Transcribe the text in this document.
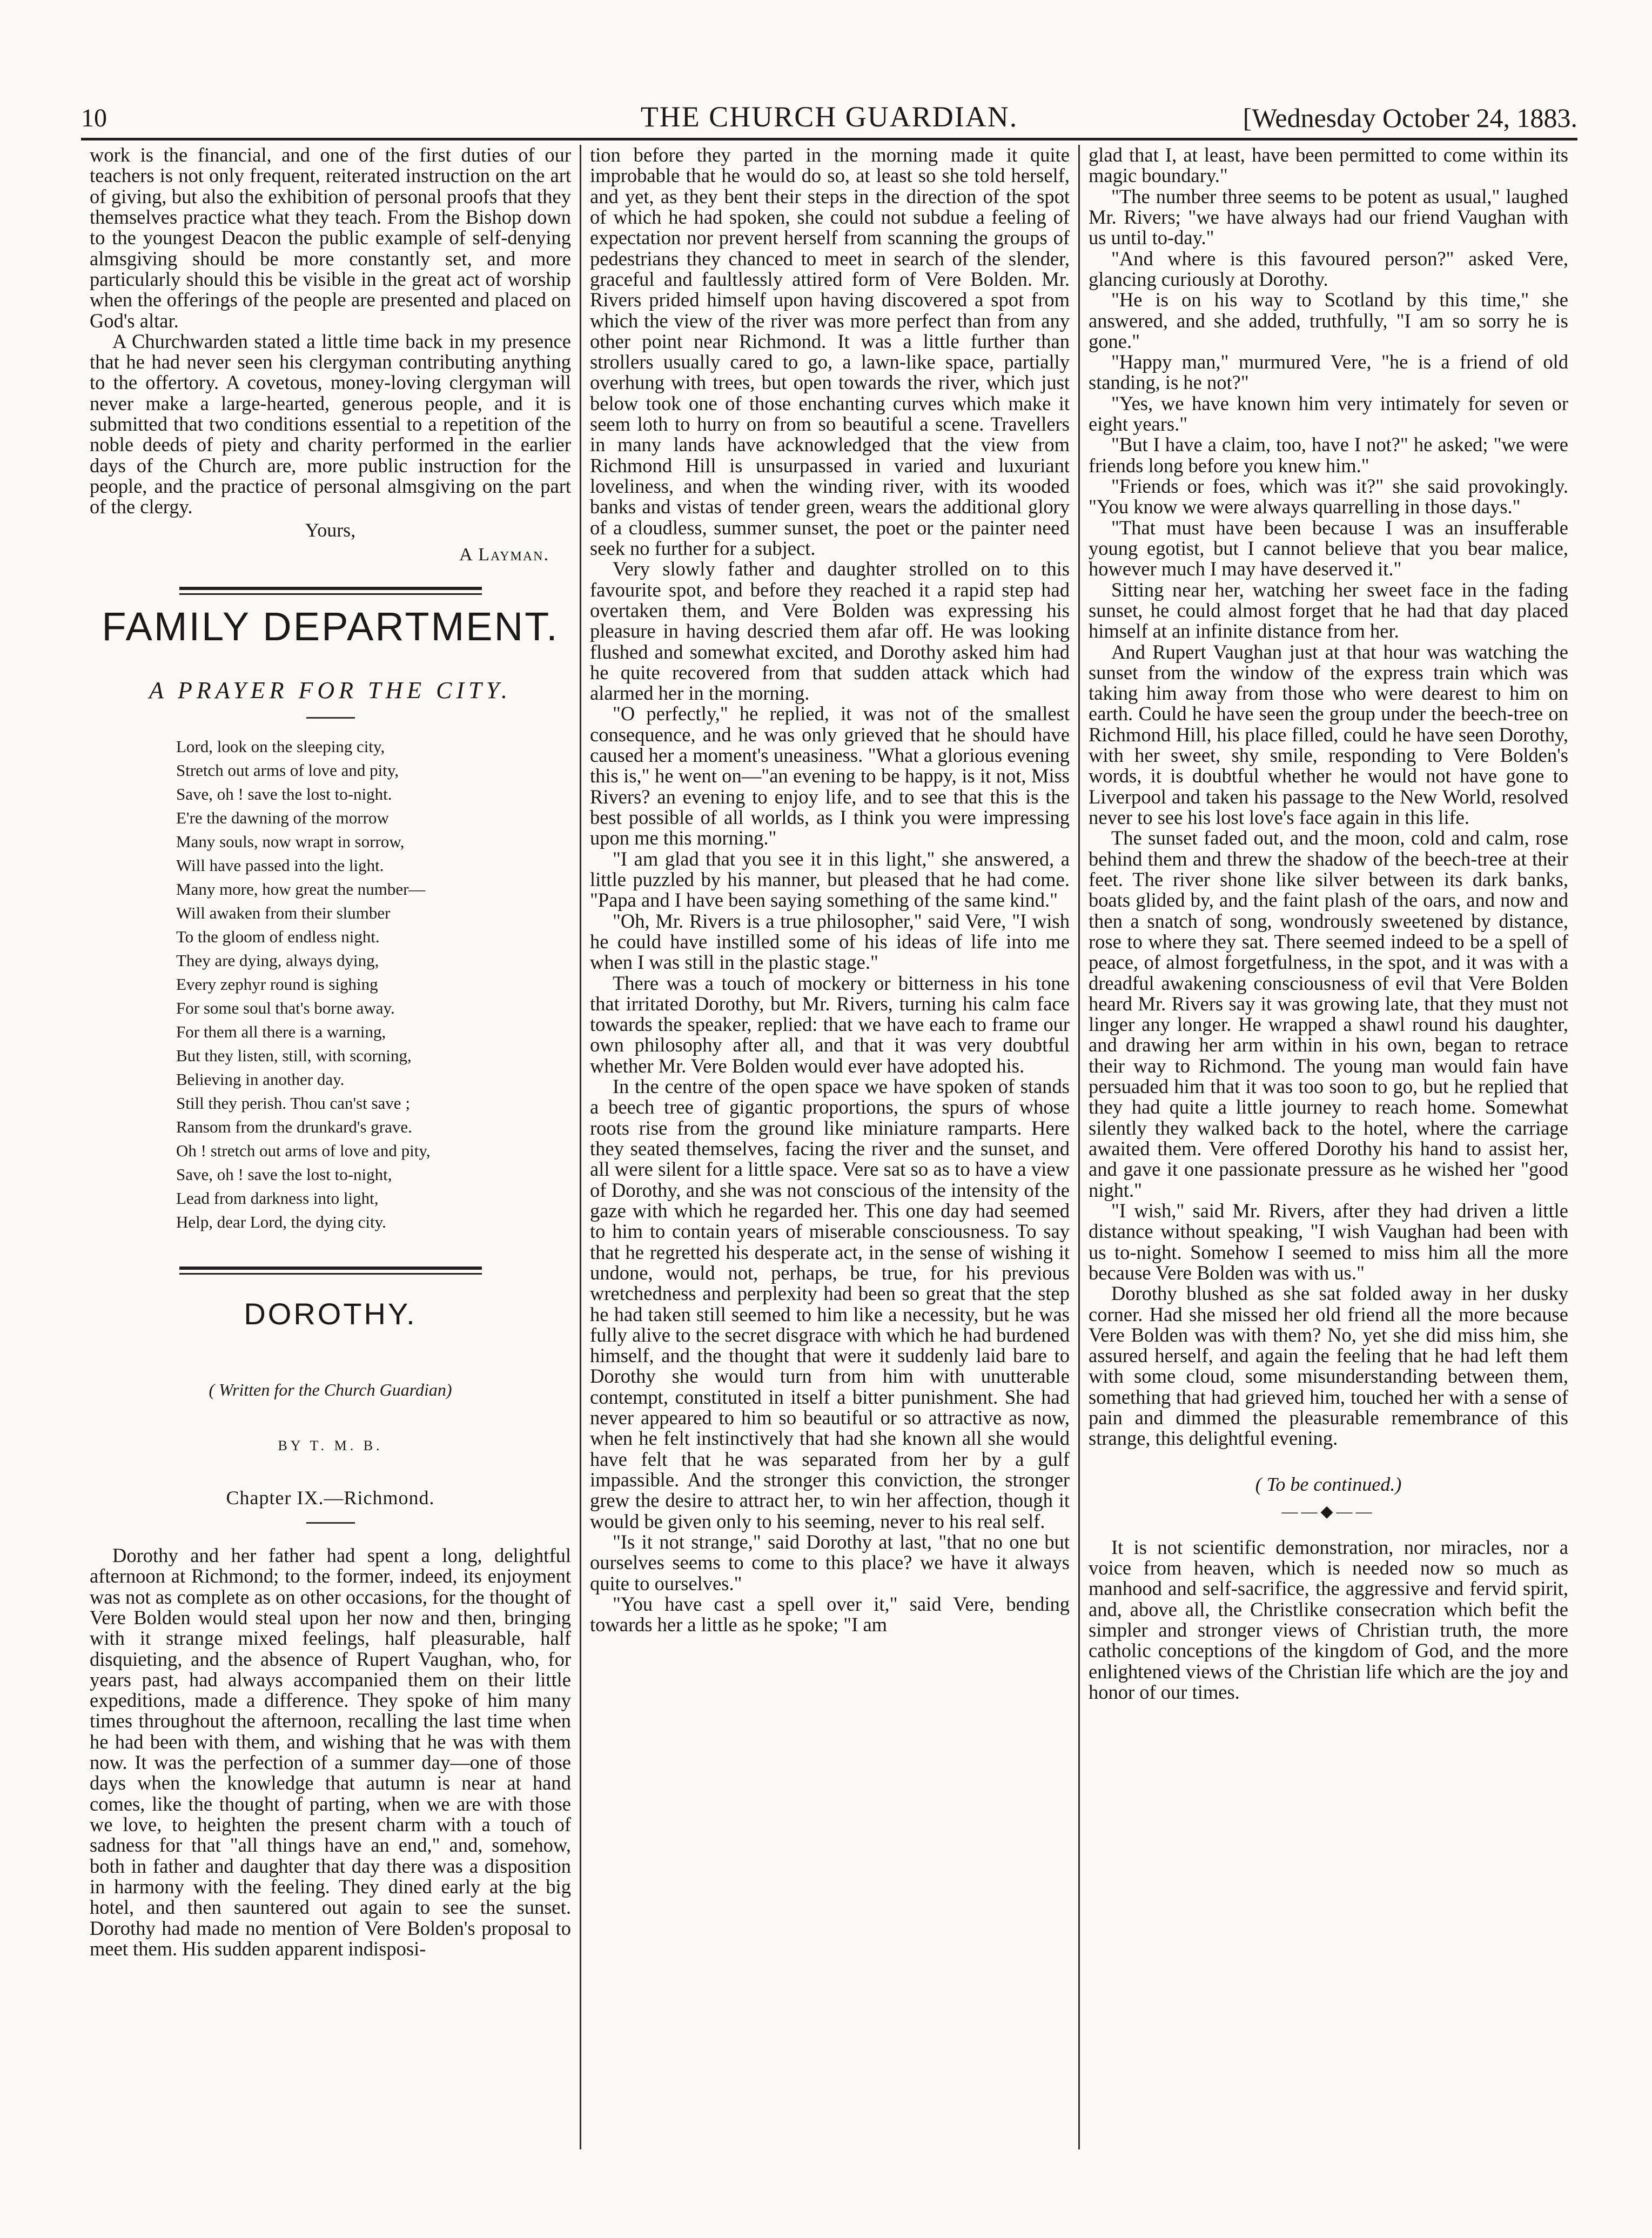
10	THE CHURCH GUARDIAN.	[Wednesday October 24, 1883.

work is the financial, and one of the first duties of our teachers is not only frequent, reiterated instruction on the art of giving, but also the exhibition of personal proofs that they themselves practice what they teach. From the Bishop down to the youngest Deacon the public example of self-denying almsgiving should be more constantly set, and more particularly should this be visible in the great act of worship when the offerings of the people are presented and placed on God's altar.

A Churchwarden stated a little time back in my presence that he had never seen his clergyman contributing anything to the offertory. A covetous, money-loving clergyman will never make a large-hearted, generous people, and it is submitted that two conditions essential to a repetition of the noble deeds of piety and charity performed in the earlier days of the Church are, more public instruction for the people, and the practice of personal almsgiving on the part of the clergy.

Yours,
A Layman.
FAMILY DEPARTMENT.
A PRAYER FOR THE CITY.
Lord, look on the sleeping city,
Stretch out arms of love and pity,
Save, oh ! save the lost to-night.
E're the dawning of the morrow
Many souls, now wrapt in sorrow,
Will have passed into the light.
Many more, how great the number—
Will awaken from their slumber
To the gloom of endless night.
They are dying, always dying,
Every zephyr round is sighing
For some soul that's borne away.
For them all there is a warning,
But they listen, still, with scorning,
Believing in another day.
Still they perish. Thou can'st save ;
Ransom from the drunkard's grave.
Oh ! stretch out arms of love and pity,
Save, oh ! save the lost to-night,
Lead from darkness into light,
Help, dear Lord, the dying city.
DOROTHY.
( Written for the Church Guardian)
BY T. M. B.
Chapter IX.—Richmond.

Dorothy and her father had spent a long, delightful afternoon at Richmond; to the former, indeed, its enjoyment was not as complete as on other occasions, for the thought of Vere Bolden would steal upon her now and then, bringing with it strange mixed feelings, half pleasurable, half disquieting, and the absence of Rupert Vaughan, who, for years past, had always accompanied them on their little expeditions, made a difference. They spoke of him many times throughout the afternoon, recalling the last time when he had been with them, and wishing that he was with them now. It was the perfection of a summer day—one of those days when the knowledge that autumn is near at hand comes, like the thought of parting, when we are with those we love, to heighten the present charm with a touch of sadness for that "all things have an end," and, somehow, both in father and daughter that day there was a disposition in harmony with the feeling. They dined early at the big hotel, and then sauntered out again to see the sunset. Dorothy had made no mention of Vere Bolden's proposal to meet them. His sudden apparent indisposi-

tion before they parted in the morning made it quite improbable that he would do so, at least so she told herself, and yet, as they bent their steps in the direction of the spot of which he had spoken, she could not subdue a feeling of expectation nor prevent herself from scanning the groups of pedestrians they chanced to meet in search of the slender, graceful and faultlessly attired form of Vere Bolden. Mr. Rivers prided himself upon having discovered a spot from which the view of the river was more perfect than from any other point near Richmond. It was a little further than strollers usually cared to go, a lawn-like space, partially overhung with trees, but open towards the river, which just below took one of those enchanting curves which make it seem loth to hurry on from so beautiful a scene. Travellers in many lands have acknowledged that the view from Richmond Hill is unsurpassed in varied and luxuriant loveliness, and when the winding river, with its wooded banks and vistas of tender green, wears the additional glory of a cloudless, summer sunset, the poet or the painter need seek no further for a subject.

Very slowly father and daughter strolled on to this favourite spot, and before they reached it a rapid step had overtaken them, and Vere Bolden was expressing his pleasure in having descried them afar off. He was looking flushed and somewhat excited, and Dorothy asked him had he quite recovered from that sudden attack which had alarmed her in the morning.

"O perfectly," he replied, it was not of the smallest consequence, and he was only grieved that he should have caused her a moment's uneasiness. "What a glorious evening this is," he went on—"an evening to be happy, is it not, Miss Rivers? an evening to enjoy life, and to see that this is the best possible of all worlds, as I think you were impressing upon me this morning."

"I am glad that you see it in this light," she answered, a little puzzled by his manner, but pleased that he had come. "Papa and I have been saying something of the same kind."

"Oh, Mr. Rivers is a true philosopher," said Vere, "I wish he could have instilled some of his ideas of life into me when I was still in the plastic stage."

There was a touch of mockery or bitterness in his tone that irritated Dorothy, but Mr. Rivers, turning his calm face towards the speaker, replied: that we have each to frame our own philosophy after all, and that it was very doubtful whether Mr. Vere Bolden would ever have adopted his.

In the centre of the open space we have spoken of stands a beech tree of gigantic proportions, the spurs of whose roots rise from the ground like miniature ramparts. Here they seated themselves, facing the river and the sunset, and all were silent for a little space. Vere sat so as to have a view of Dorothy, and she was not conscious of the intensity of the gaze with which he regarded her. This one day had seemed to him to contain years of miserable consciousness. To say that he regretted his desperate act, in the sense of wishing it undone, would not, perhaps, be true, for his previous wretchedness and perplexity had been so great that the step he had taken still seemed to him like a necessity, but he was fully alive to the secret disgrace with which he had burdened himself, and the thought that were it suddenly laid bare to Dorothy she would turn from him with unutterable contempt, constituted in itself a bitter punishment. She had never appeared to him so beautiful or so attractive as now, when he felt instinctively that had she known all she would have felt that he was separated from her by a gulf impassible. And the stronger this conviction, the stronger grew the desire to attract her, to win her affection, though it would be given only to his seeming, never to his real self.

"Is it not strange," said Dorothy at last, "that no one but ourselves seems to come to this place? we have it always quite to ourselves."

"You have cast a spell over it," said Vere, bending towards her a little as he spoke; "I am

glad that I, at least, have been permitted to come within its magic boundary."

"The number three seems to be potent as usual," laughed Mr. Rivers; "we have always had our friend Vaughan with us until to-day."

"And where is this favoured person?" asked Vere, glancing curiously at Dorothy.

"He is on his way to Scotland by this time," she answered, and she added, truthfully, "I am so sorry he is gone."

"Happy man," murmured Vere, "he is a friend of old standing, is he not?"

"Yes, we have known him very intimately for seven or eight years."

"But I have a claim, too, have I not?" he asked; "we were friends long before you knew him."

"Friends or foes, which was it?" she said provokingly. "You know we were always quarrelling in those days."

"That must have been because I was an insufferable young egotist, but I cannot believe that you bear malice, however much I may have deserved it."

Sitting near her, watching her sweet face in the fading sunset, he could almost forget that he had that day placed himself at an infinite distance from her.

And Rupert Vaughan just at that hour was watching the sunset from the window of the express train which was taking him away from those who were dearest to him on earth. Could he have seen the group under the beech-tree on Richmond Hill, his place filled, could he have seen Dorothy, with her sweet, shy smile, responding to Vere Bolden's words, it is doubtful whether he would not have gone to Liverpool and taken his passage to the New World, resolved never to see his lost love's face again in this life.

The sunset faded out, and the moon, cold and calm, rose behind them and threw the shadow of the beech-tree at their feet. The river shone like silver between its dark banks, boats glided by, and the faint plash of the oars, and now and then a snatch of song, wondrously sweetened by distance, rose to where they sat. There seemed indeed to be a spell of peace, of almost forgetfulness, in the spot, and it was with a dreadful awakening consciousness of evil that Vere Bolden heard Mr. Rivers say it was growing late, that they must not linger any longer. He wrapped a shawl round his daughter, and drawing her arm within in his own, began to retrace their way to Richmond. The young man would fain have persuaded him that it was too soon to go, but he replied that they had quite a little journey to reach home. Somewhat silently they walked back to the hotel, where the carriage awaited them. Vere offered Dorothy his hand to assist her, and gave it one passionate pressure as he wished her "good night."

"I wish," said Mr. Rivers, after they had driven a little distance without speaking, "I wish Vaughan had been with us to-night. Somehow I seemed to miss him all the more because Vere Bolden was with us."

Dorothy blushed as she sat folded away in her dusky corner. Had she missed her old friend all the more because Vere Bolden was with them? No, yet she did miss him, she assured herself, and again the feeling that he had left them with some cloud, some misunderstanding between them, something that had grieved him, touched her with a sense of pain and dimmed the pleasurable remembrance of this strange, this delightful evening.

( To be continued.)
——◆——

It is not scientific demonstration, nor miracles, nor a voice from heaven, which is needed now so much as manhood and self-sacrifice, the aggressive and fervid spirit, and, above all, the Christlike consecration which befit the simpler and stronger views of Christian truth, the more catholic conceptions of the kingdom of God, and the more enlightened views of the Christian life which are the joy and honor of our times.
